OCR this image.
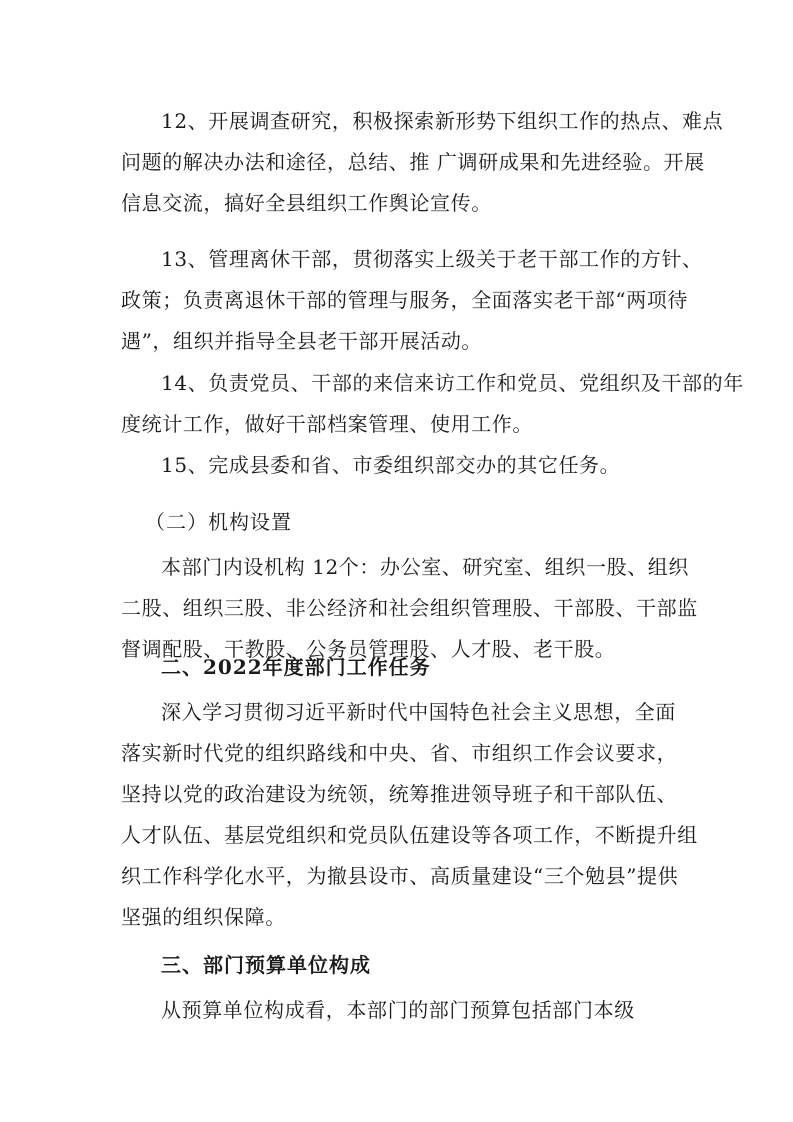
12、开展调查研究，积极探索新形势下组织工作的热点、难点
问题的解决办法和途径，总结、推 广调研成果和先进经验。开展
信息交流，搞好全县组织工作舆论宣传。

13、管理离休干部，贯彻落实上级关于老干部工作的方针、
政策；负责离退休干部的管理与服务，全面落实老干部“两项待
遇”，组织并指导全县老干部开展活动。

14、负责党员、干部的来信来访工作和党员、党组织及干部的年
度统计工作，做好干部档案管理、使用工作。

15、完成县委和省、市委组织部交办的其它任务。

（二）机构设置

本部门内设机构 12个：办公室、研究室、组织一股、组织
二股、组织三股、非公经济和社会组织管理股、干部股、干部监
督调配股、干教股、公务员管理股、人才股、老干股。

二、2022年度部门工作任务

深入学习贯彻习近平新时代中国特色社会主义思想，全面
落实新时代党的组织路线和中央、省、市组织工作会议要求，
坚持以党的政治建设为统领，统筹推进领导班子和干部队伍、
人才队伍、基层党组织和党员队伍建设等各项工作，不断提升组
织工作科学化水平，为撤县设市、高质量建设“三个勉县”提供
坚强的组织保障。

三、部门预算单位构成

从预算单位构成看，本部门的部门预算包括部门本级
